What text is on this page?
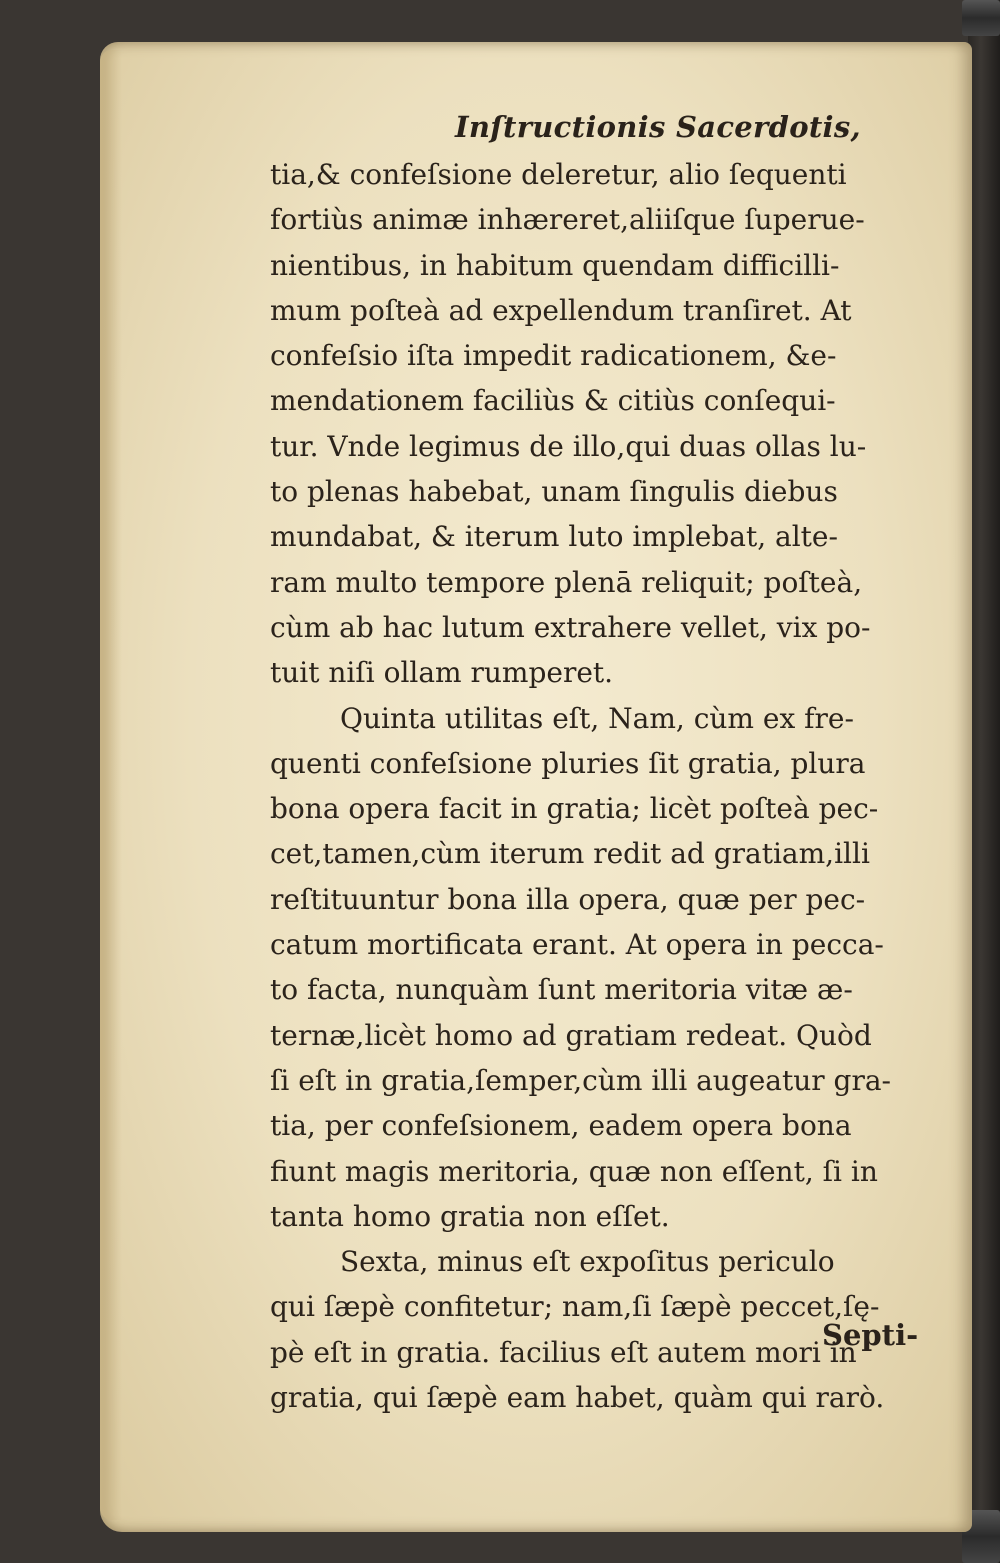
Inſtructionis Sacerdotis,
tia,& confeſsione deleretur, alio ſequenti
fortiùs animæ inhæreret,aliiſque ſuperue-
nientibus, in habitum quendam difficilli-
mum poſteà ad expellendum tranſiret. At
confeſsio iſta impedit radicationem, &e-
mendationem faciliùs & citiùs conſequi-
tur. Vnde legimus de illo,qui duas ollas lu-
to plenas habebat, unam ſingulis diebus
mundabat, & iterum luto implebat, alte-
ram multo tempore plenā reliquit; poſteà,
cùm ab hac lutum extrahere vellet, vix po-
tuit niſi ollam rumperet.
Quinta utilitas eſt, Nam, cùm ex fre-
quenti confeſsione pluries ſit gratia, plura
bona opera facit in gratia; licèt poſteà pec-
cet,tamen,cùm iterum redit ad gratiam,illi
reſtituuntur bona illa opera, quæ per pec-
catum mortificata erant. At opera in pecca-
to facta, nunquàm ſunt meritoria vitæ æ-
ternæ,licèt homo ad gratiam redeat. Quòd
ſi eſt in gratia,ſemper,cùm illi augeatur gra-
tia, per confeſsionem, eadem opera bona
fiunt magis meritoria, quæ non eſſent, ſi in
tanta homo gratia non eſſet.
Sexta, minus eſt expoſitus periculo
qui ſæpè confitetur; nam,ſi ſæpè peccet,ſę-
pè eſt in gratia. facilius eſt autem mori in
gratia, qui ſæpè eam habet, quàm qui rarò.
Septi-
